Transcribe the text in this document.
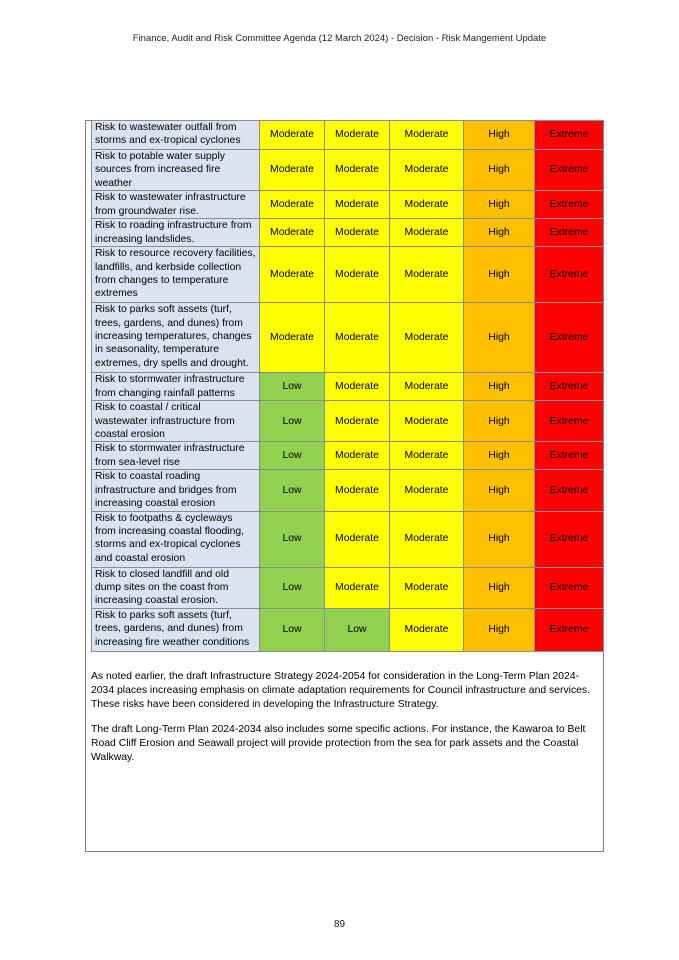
Finance, Audit and Risk Committee Agenda (12 March 2024) - Decision - Risk Mangement Update
Risk to wastewater outfall from storms and ex-tropical cyclones	Moderate	Moderate	Moderate	High	Extreme
Risk to potable water supply sources from increased fire weather	Moderate	Moderate	Moderate	High	Extreme
Risk to wastewater infrastructure from groundwater rise.	Moderate	Moderate	Moderate	High	Extreme
Risk to roading infrastructure from increasing landslides.	Moderate	Moderate	Moderate	High	Extreme
Risk to resource recovery facilities, landfills, and kerbside collection from changes to temperature extremes	Moderate	Moderate	Moderate	High	Extreme
Risk to parks soft assets (turf, trees, gardens, and dunes) from increasing temperatures, changes in seasonality, temperature extremes, dry spells and drought.	Moderate	Moderate	Moderate	High	Extreme
Risk to stormwater infrastructure from changing rainfall patterns	Low	Moderate	Moderate	High	Extreme
Risk to coastal / critical wastewater infrastructure from coastal erosion	Low	Moderate	Moderate	High	Extreme
Risk to stormwater infrastructure from sea-level rise	Low	Moderate	Moderate	High	Extreme
Risk to coastal roading infrastructure and bridges from increasing coastal erosion	Low	Moderate	Moderate	High	Extreme
Risk to footpaths & cycleways from increasing coastal flooding, storms and ex-tropical cyclones and coastal erosion	Low	Moderate	Moderate	High	Extreme
Risk to closed landfill and old dump sites on the coast from increasing coastal erosion.	Low	Moderate	Moderate	High	Extreme
Risk to parks soft assets (turf, trees, gardens, and dunes) from increasing fire weather conditions	Low	Low	Moderate	High	Extreme
As noted earlier, the draft Infrastructure Strategy 2024-2054 for consideration in the Long-Term Plan 2024-2034 places increasing emphasis on climate adaptation requirements for Council infrastructure and services. These risks have been considered in developing the Infrastructure Strategy.
The draft Long-Term Plan 2024-2034 also includes some specific actions. For instance, the Kawaroa to Belt Road Cliff Erosion and Seawall project will provide protection from the sea for park assets and the Coastal Walkway.
89
